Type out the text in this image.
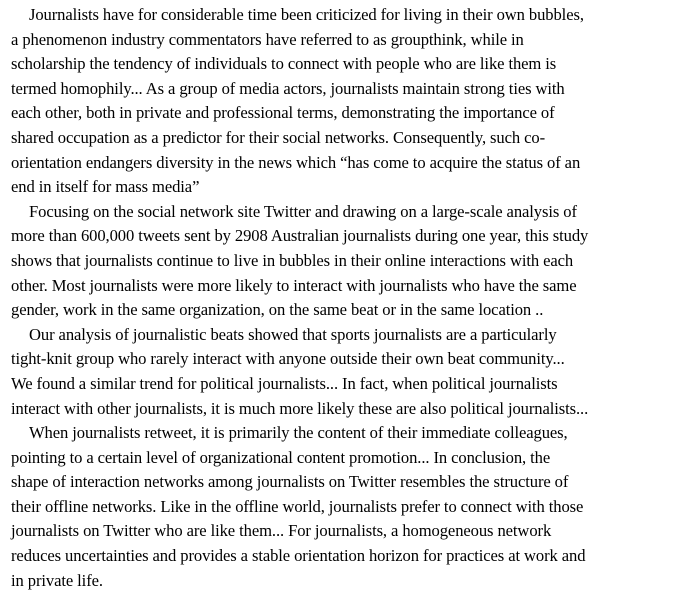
Journalists have for considerable time been criticized for living in their own bubbles,
a phenomenon industry commentators have referred to as groupthink, while in
scholarship the tendency of individuals to connect with people who are like them is
termed homophily... As a group of media actors, journalists maintain strong ties with
each other, both in private and professional terms, demonstrating the importance of
shared occupation as a predictor for their social networks. Consequently, such co-
orientation endangers diversity in the news which “has come to acquire the status of an
end in itself for mass media”

Focusing on the social network site Twitter and drawing on a large-scale analysis of
more than 600,000 tweets sent by 2908 Australian journalists during one year, this study
shows that journalists continue to live in bubbles in their online interactions with each
other. Most journalists were more likely to interact with journalists who have the same
gender, work in the same organization, on the same beat or in the same location ..

Our analysis of journalistic beats showed that sports journalists are a particularly
tight-knit group who rarely interact with anyone outside their own beat community...
We found a similar trend for political journalists... In fact, when political journalists
interact with other journalists, it is much more likely these are also political journalists...

When journalists retweet, it is primarily the content of their immediate colleagues,
pointing to a certain level of organizational content promotion... In conclusion, the
shape of interaction networks among journalists on Twitter resembles the structure of
their offline networks. Like in the offline world, journalists prefer to connect with those
journalists on Twitter who are like them... For journalists, a homogeneous network
reduces uncertainties and provides a stable orientation horizon for practices at work and
in private life.
